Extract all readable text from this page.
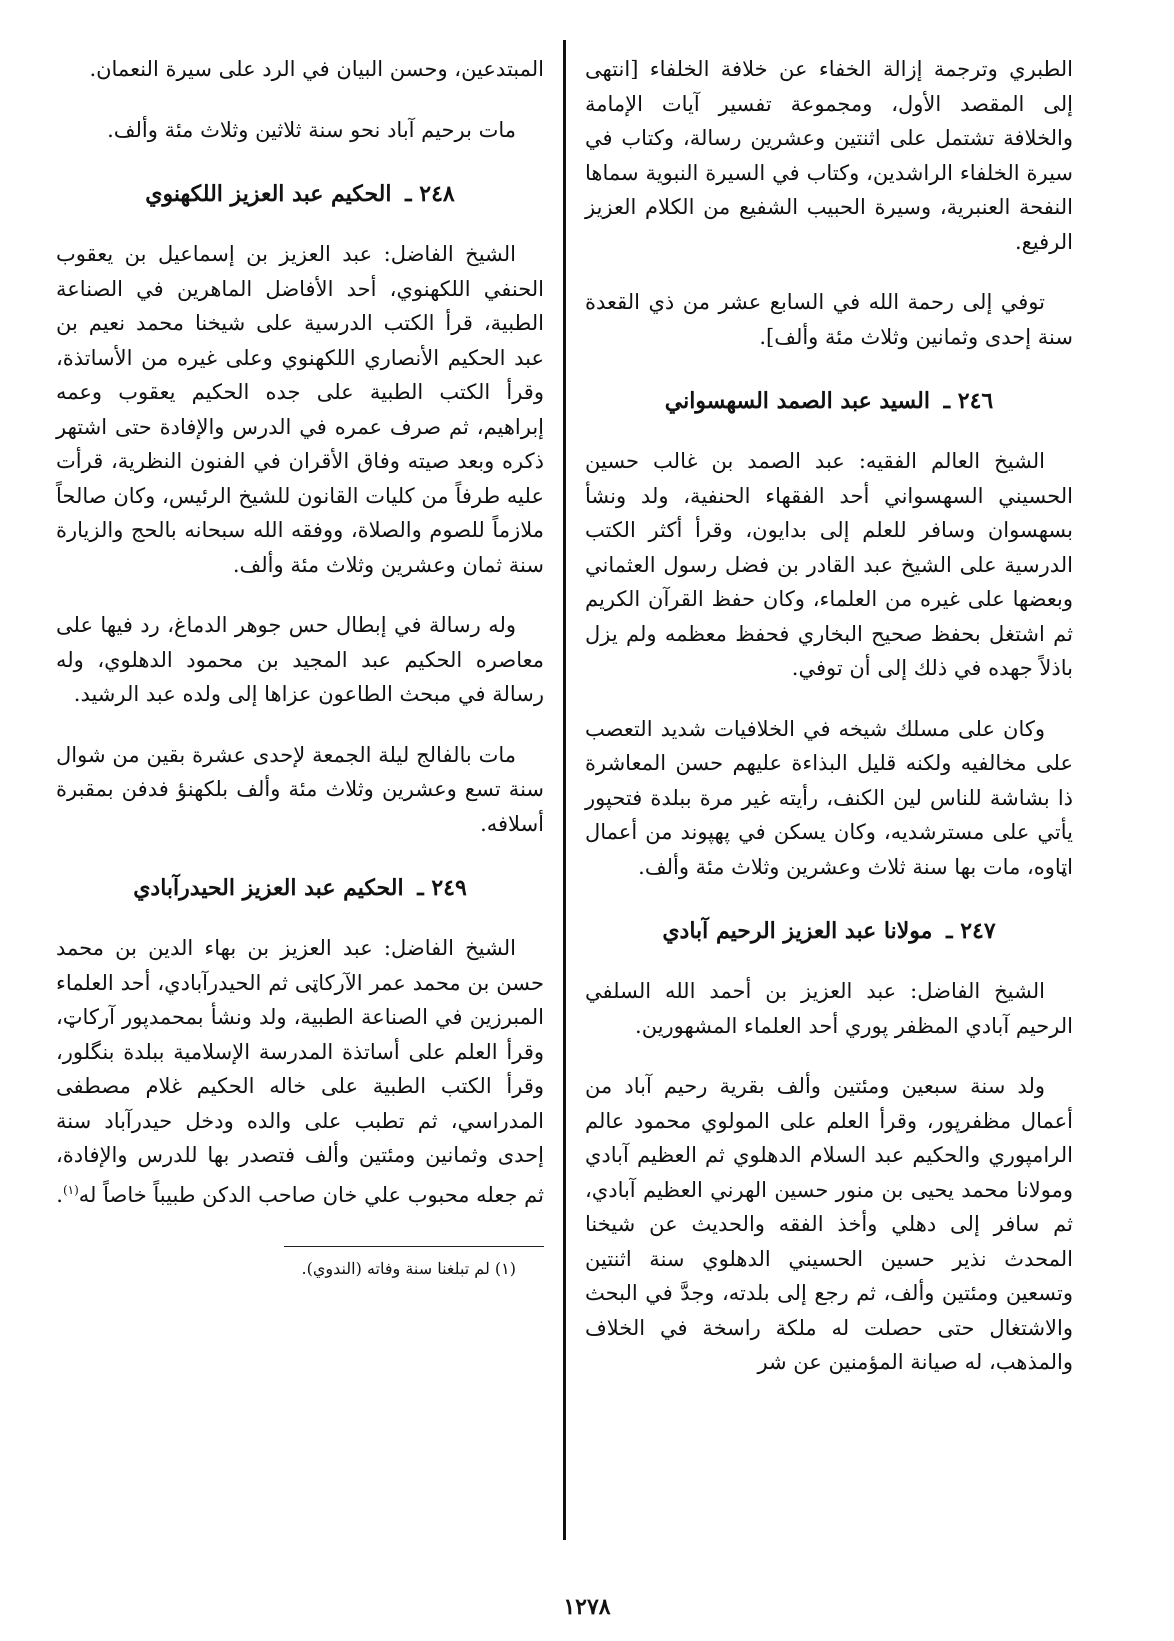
الطبري وترجمة إزالة الخفاء عن خلافة الخلفاء [انتهى إلى المقصد الأول، ومجموعة تفسير آيات الإمامة والخلافة تشتمل على اثنتين وعشرين رسالة، وكتاب في سيرة الخلفاء الراشدين، وكتاب في السيرة النبوية سماها النفحة العنبرية، وسيرة الحبيب الشفيع من الكلام العزيز الرفيع.

توفي إلى رحمة الله في السابع عشر من ذي القعدة سنة إحدى وثمانين وثلاث مئة وألف].

٢٤٦ ـ السيد عبد الصمد السهسواني

الشيخ العالم الفقيه: عبد الصمد بن غالب حسين الحسيني السهسواني أحد الفقهاء الحنفية، ولد ونشأ بسهسوان وسافر للعلم إلى بدايون، وقرأ أكثر الكتب الدرسية على الشيخ عبد القادر بن فضل رسول العثماني وبعضها على غيره من العلماء، وكان حفظ القرآن الكريم ثم اشتغل بحفظ صحيح البخاري فحفظ معظمه ولم يزل باذلاً جهده في ذلك إلى أن توفي.

وكان على مسلك شيخه في الخلافيات شديد التعصب على مخالفيه ولكنه قليل البذاءة عليهم حسن المعاشرة ذا بشاشة للناس لين الكنف، رأيته غير مرة ببلدة فتحپور يأتي على مسترشديه، وكان يسكن في پهپوند من أعمال اټاوه، مات بها سنة ثلاث وعشرين وثلاث مئة وألف.

٢٤٧ ـ مولانا عبد العزيز الرحيم آبادي

الشيخ الفاضل: عبد العزيز بن أحمد الله السلفي الرحيم آبادي المظفر پوري أحد العلماء المشهورين.

ولد سنة سبعين ومئتين وألف بقرية رحيم آباد من أعمال مظفرپور، وقرأ العلم على المولوي محمود عالم الرامپوري والحكيم عبد السلام الدهلوي ثم العظيم آبادي ومولانا محمد يحيى بن منور حسين الهرني العظيم آبادي، ثم سافر إلى دهلي وأخذ الفقه والحديث عن شيخنا المحدث نذير حسين الحسيني الدهلوي سنة اثنتين وتسعين ومئتين وألف، ثم رجع إلى بلدته، وجدَّ في البحث والاشتغال حتى حصلت له ملكة راسخة في الخلاف والمذهب، له صيانة المؤمنين عن شر

المبتدعين، وحسن البيان في الرد على سيرة النعمان.

مات برحيم آباد نحو سنة ثلاثين وثلاث مئة وألف.

٢٤٨ ـ الحكيم عبد العزيز اللكهنوي

الشيخ الفاضل: عبد العزيز بن إسماعيل بن يعقوب الحنفي اللكهنوي، أحد الأفاضل الماهرين في الصناعة الطبية، قرأ الكتب الدرسية على شيخنا محمد نعيم بن عبد الحكيم الأنصاري اللكهنوي وعلى غيره من الأساتذة، وقرأ الكتب الطبية على جده الحكيم يعقوب وعمه إبراهيم، ثم صرف عمره في الدرس والإفادة حتى اشتهر ذكره وبعد صيته وفاق الأقران في الفنون النظرية، قرأت عليه طرفاً من كليات القانون للشيخ الرئيس، وكان صالحاً ملازماً للصوم والصلاة، ووفقه الله سبحانه بالحج والزيارة سنة ثمان وعشرين وثلاث مئة وألف.

وله رسالة في إبطال حس جوهر الدماغ، رد فيها على معاصره الحكيم عبد المجيد بن محمود الدهلوي، وله رسالة في مبحث الطاعون عزاها إلى ولده عبد الرشيد.

مات بالفالج ليلة الجمعة لإحدى عشرة بقين من شوال سنة تسع وعشرين وثلاث مئة وألف بلكهنؤ فدفن بمقبرة أسلافه.

٢٤٩ ـ الحكيم عبد العزيز الحيدرآبادي

الشيخ الفاضل: عبد العزيز بن بهاء الدين بن محمد حسن بن محمد عمر الآركاټى ثم الحيدرآبادي، أحد العلماء المبرزين في الصناعة الطبية، ولد ونشأ بمحمدپور آركاټ، وقرأ العلم على أساتذة المدرسة الإسلامية ببلدة بنگلور، وقرأ الكتب الطبية على خاله الحكيم غلام مصطفى المدراسي، ثم تطبب على والده ودخل حيدرآباد سنة إحدى وثمانين ومئتين وألف فتصدر بها للدرس والإفادة، ثم جعله محبوب علي خان صاحب الدكن طبيباً خاصاً له$^{(١)}$.

(١) لم تبلغنا سنة وفاته (الندوي).

١٢٧٨
